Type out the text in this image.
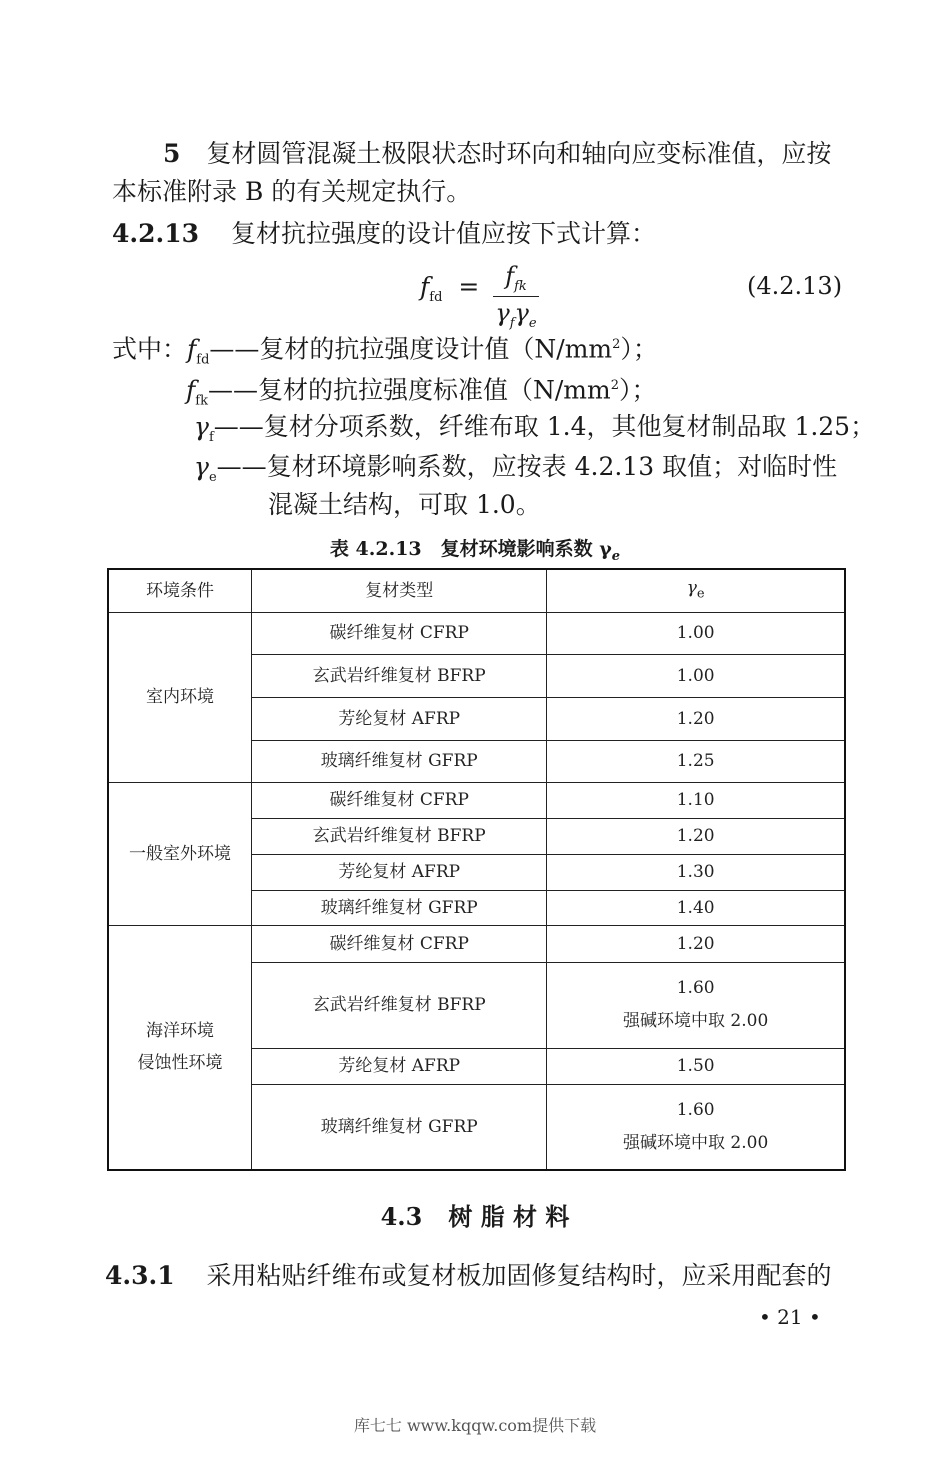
5 复材圆管混凝土极限状态时环向和轴向应变标准值，应按
本标准附录 B 的有关规定执行。
4.2.13 复材抗拉强度的设计值应按下式计算：
$f_{fd}$ =	$f_{fk}$
$\gamma_f\gamma_e$
(4.2.13)
式中：$f_{fd}——$复材的抗拉强度设计值$(N/mm^2)$；
$f_{fk}——$复材的抗拉强度标准值$(N/mm^2)$；
$\gamma_f——$复材分项系数，纤维布取 1.4，其他复材制品取 1.25；
$\gamma_e——$复材环境影响系数，应按表 4.2.13 取值；对临时性
混凝土结构，可取 1.0。
表 4.2.13　复材环境影响系数 $\gamma_e$
环境条件	复材类型	$\gamma_e$
室内环境	碳纤维复材 CFRP	1.00
	玄武岩纤维复材 BFRP	1.00
	芳纶复材 AFRP	1.20
	玻璃纤维复材 GFRP	1.25
一般室外环境	碳纤维复材 CFRP	1.10
	玄武岩纤维复材 BFRP	1.20
	芳纶复材 AFRP	1.30
	玻璃纤维复材 GFRP	1.40

海洋环境
侵蚀性环境	碳纤维复材 CFRP	1.20
	玄武岩纤维复材 BFRP	1.60
强碱环境中取 2.00

	芳纶复材 AFRP	1.50
	玻璃纤维复材 GFRP	1.60
强碱环境中取 2.00
4.3 树 脂 材 料
4.3.1 采用粘贴纤维布或复材板加固修复结构时，应采用配套的
• 21 •
库七七 www.kqqw.com提供下载
